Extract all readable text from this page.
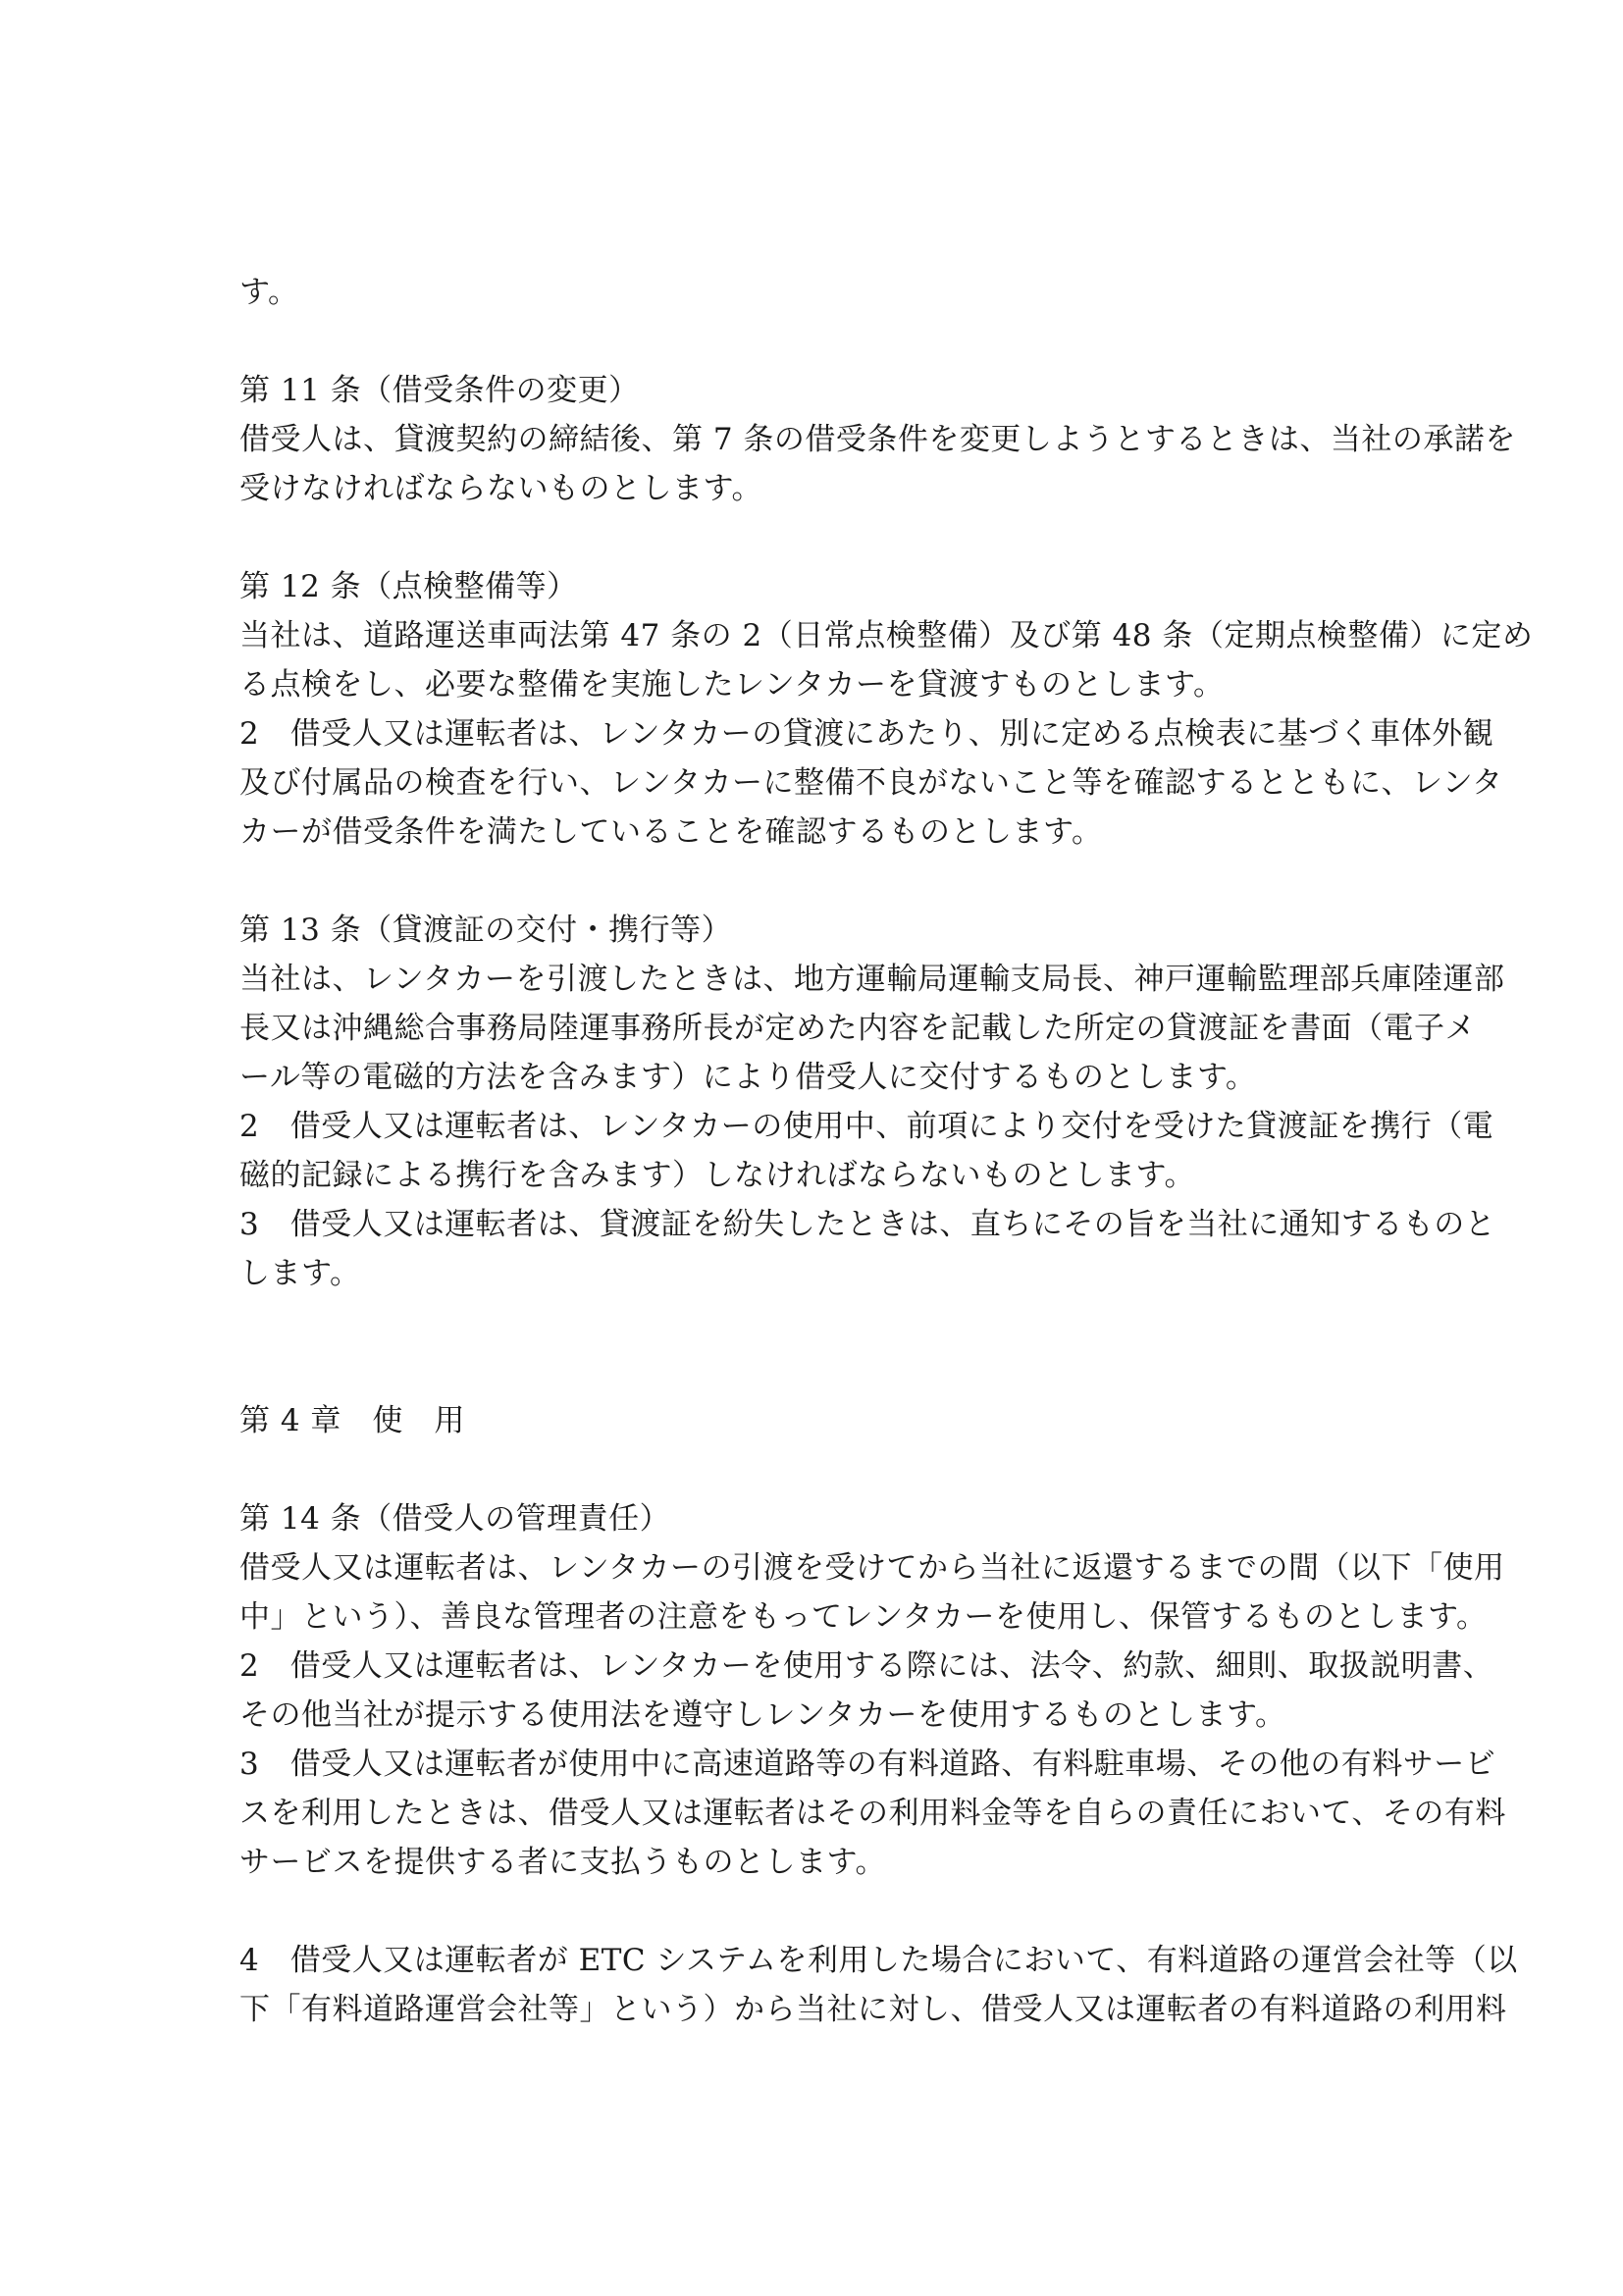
す。
第 11 条（借受条件の変更）
借受人は、貸渡契約の締結後、第 7 条の借受条件を変更しようとするときは、当社の承諾を
受けなければならないものとします。
第 12 条（点検整備等）
当社は、道路運送車両法第 47 条の 2（日常点検整備）及び第 48 条（定期点検整備）に定め
る点検をし、必要な整備を実施したレンタカーを貸渡すものとします。
2　借受人又は運転者は、レンタカーの貸渡にあたり、別に定める点検表に基づく車体外観
及び付属品の検査を行い、レンタカーに整備不良がないこと等を確認するとともに、レンタ
カーが借受条件を満たしていることを確認するものとします。
第 13 条（貸渡証の交付・携行等）
当社は、レンタカーを引渡したときは、地方運輸局運輸支局長、神戸運輸監理部兵庫陸運部
長又は沖縄総合事務局陸運事務所長が定めた内容を記載した所定の貸渡証を書面（電子メ
ール等の電磁的方法を含みます）により借受人に交付するものとします。
2　借受人又は運転者は、レンタカーの使用中、前項により交付を受けた貸渡証を携行（電
磁的記録による携行を含みます）しなければならないものとします。
3　借受人又は運転者は、貸渡証を紛失したときは、直ちにその旨を当社に通知するものと
します。
第 4 章　使　用
第 14 条（借受人の管理責任）
借受人又は運転者は、レンタカーの引渡を受けてから当社に返還するまでの間（以下「使用
中」という）、善良な管理者の注意をもってレンタカーを使用し、保管するものとします。
2　借受人又は運転者は、レンタカーを使用する際には、法令、約款、細則、取扱説明書、
その他当社が提示する使用法を遵守しレンタカーを使用するものとします。
3　借受人又は運転者が使用中に高速道路等の有料道路、有料駐車場、その他の有料サービ
スを利用したときは、借受人又は運転者はその利用料金等を自らの責任において、その有料
サービスを提供する者に支払うものとします。
4　借受人又は運転者が ETC システムを利用した場合において、有料道路の運営会社等（以
下「有料道路運営会社等」という）から当社に対し、借受人又は運転者の有料道路の利用料
